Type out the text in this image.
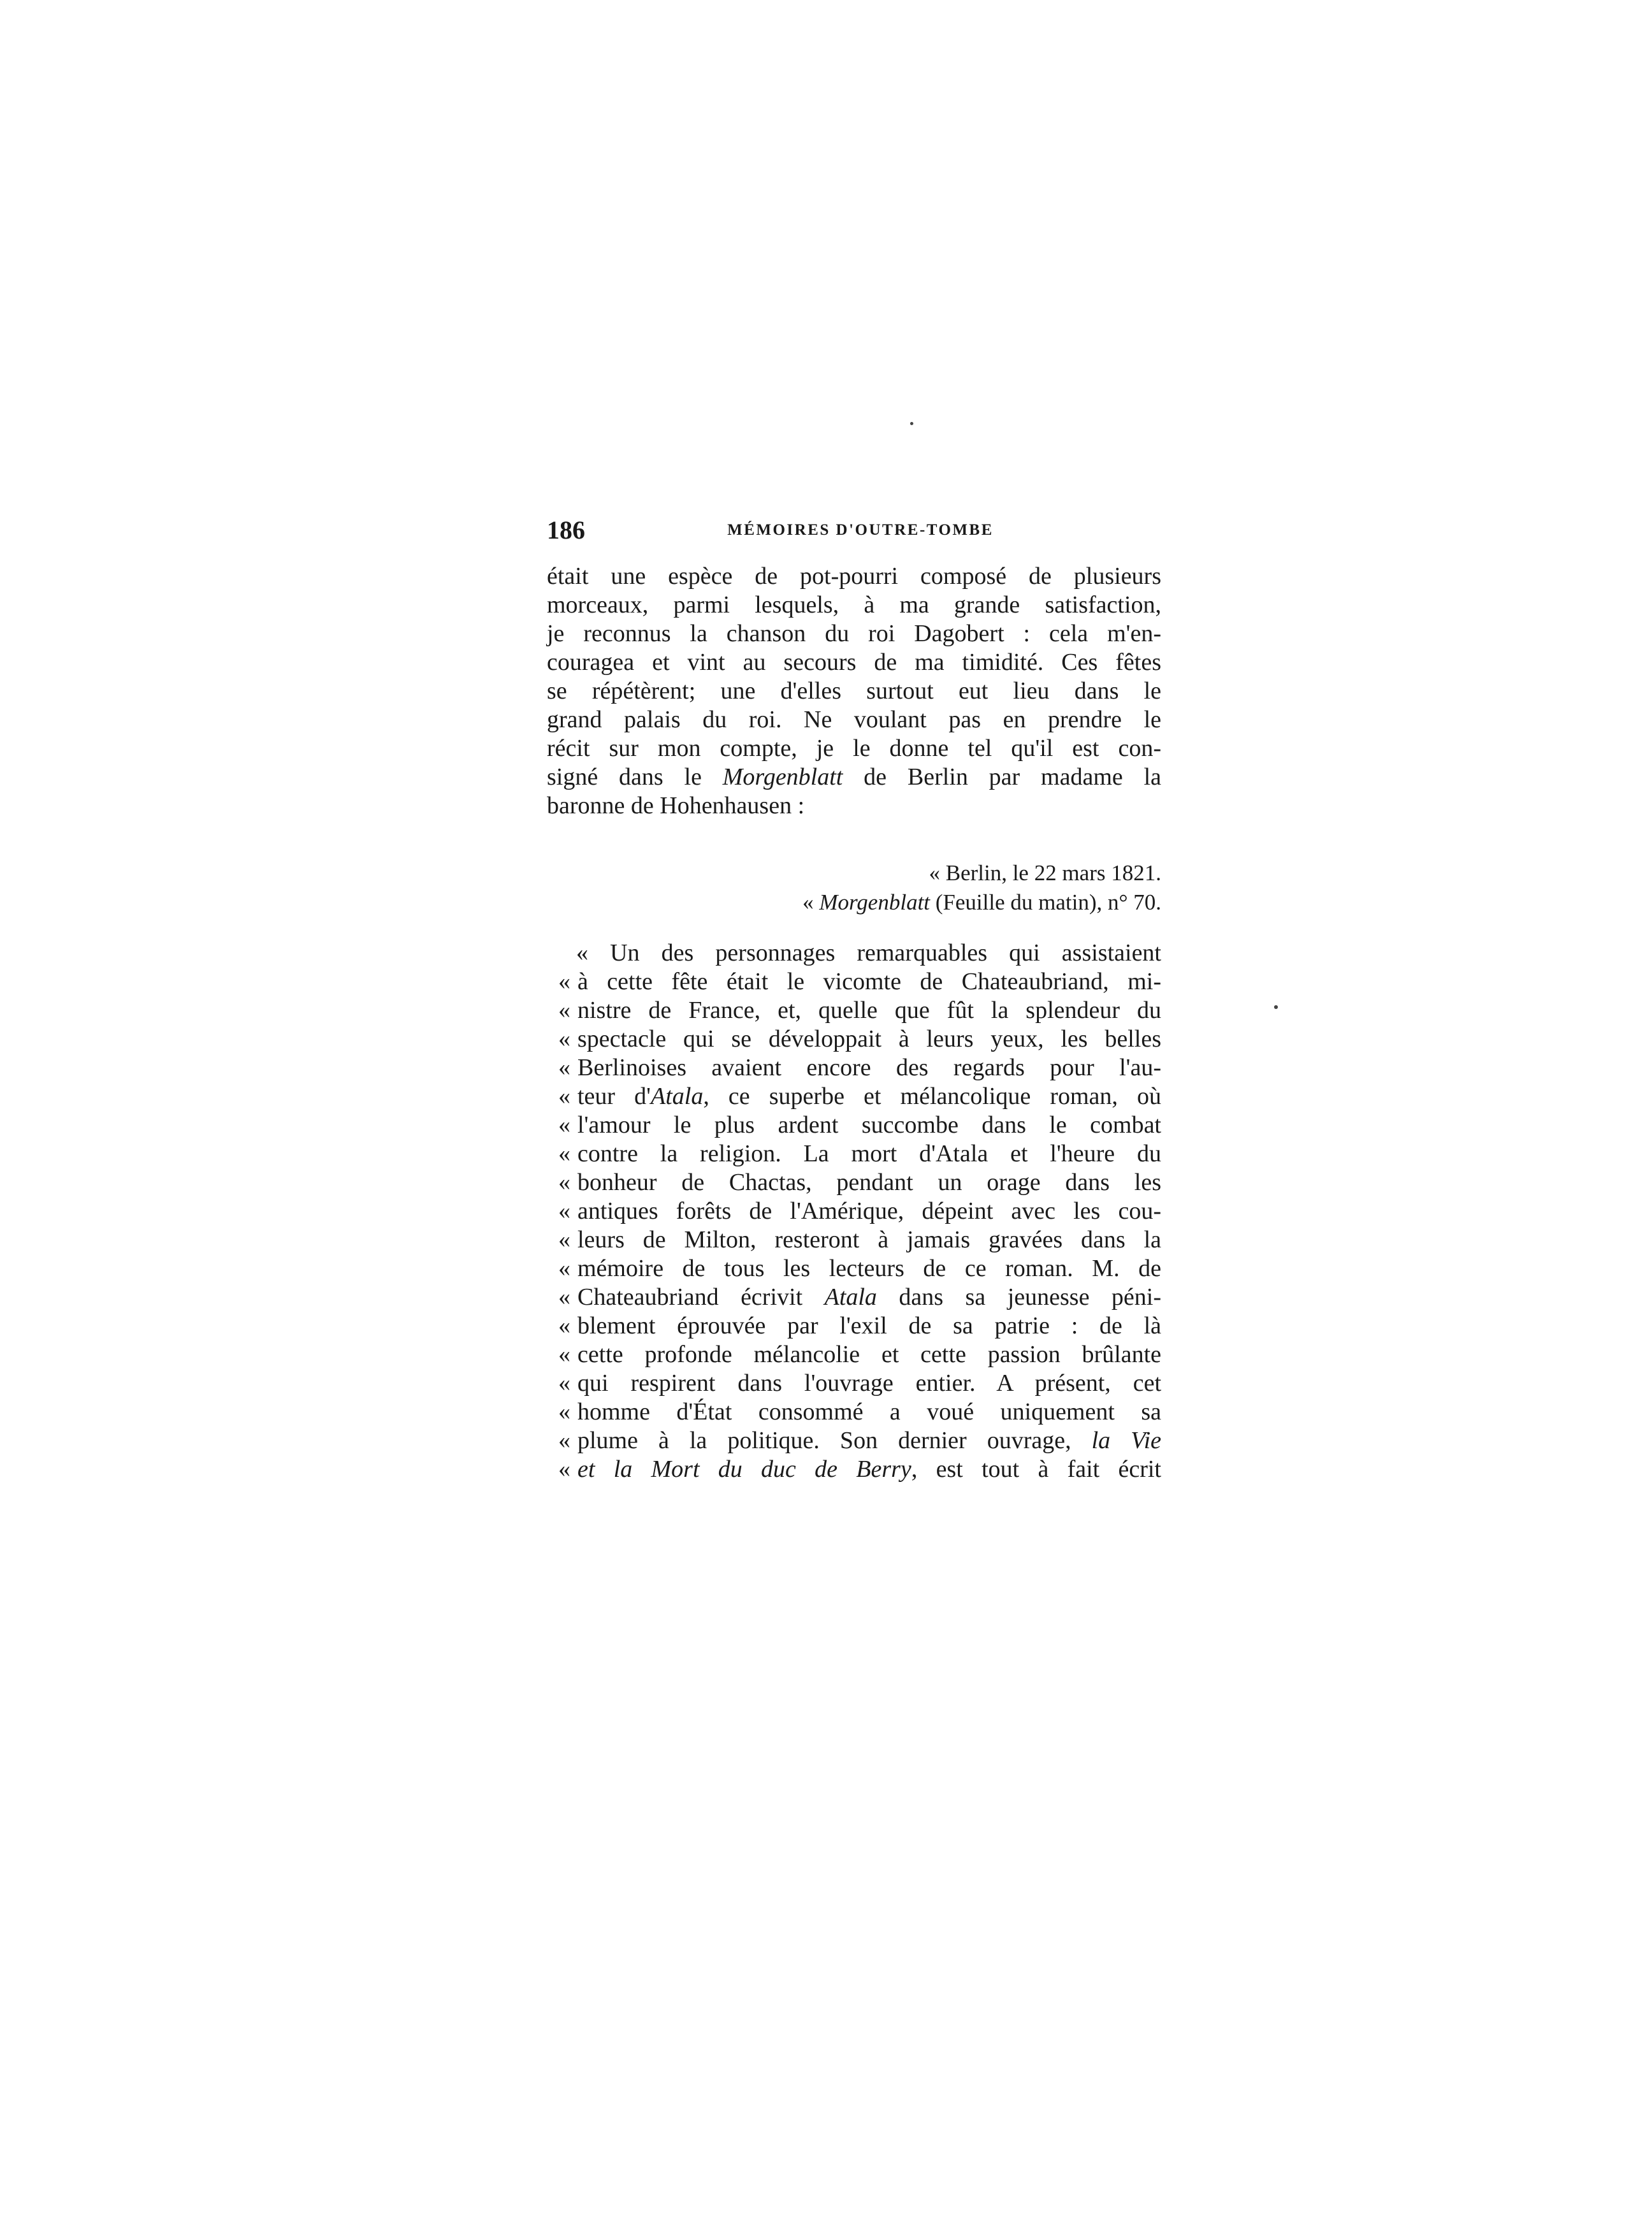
186	MÉMOIRES D'OUTRE-TOMBE
était une espèce de pot-pourri composé de plusieurs
morceaux, parmi lesquels, à ma grande satisfaction,
je reconnus la chanson du roi Dagobert : cela m'en-
couragea et vint au secours de ma timidité. Ces fêtes
se répétèrent; une d'elles surtout eut lieu dans le
grand palais du roi. Ne voulant pas en prendre le
récit sur mon compte, je le donne tel qu'il est con-
signé dans le Morgenblatt de Berlin par madame la
baronne de Hohenhausen :
« Berlin, le 22 mars 1821.
« Morgenblatt (Feuille du matin), n° 70.
« Un des personnages remarquables qui assistaient
« à cette fête était le vicomte de Chateaubriand, mi-
« nistre de France, et, quelle que fût la splendeur du
« spectacle qui se développait à leurs yeux, les belles
« Berlinoises avaient encore des regards pour l'au-
« teur d'Atala, ce superbe et mélancolique roman, où
« l'amour le plus ardent succombe dans le combat
« contre la religion. La mort d'Atala et l'heure du
« bonheur de Chactas, pendant un orage dans les
« antiques forêts de l'Amérique, dépeint avec les cou-
« leurs de Milton, resteront à jamais gravées dans la
« mémoire de tous les lecteurs de ce roman. M. de
« Chateaubriand écrivit Atala dans sa jeunesse péni-
« blement éprouvée par l'exil de sa patrie : de là
« cette profonde mélancolie et cette passion brûlante
« qui respirent dans l'ouvrage entier. A présent, cet
« homme d'État consommé a voué uniquement sa
« plume à la politique. Son dernier ouvrage, la Vie
« et la Mort du duc de Berry, est tout à fait écrit
